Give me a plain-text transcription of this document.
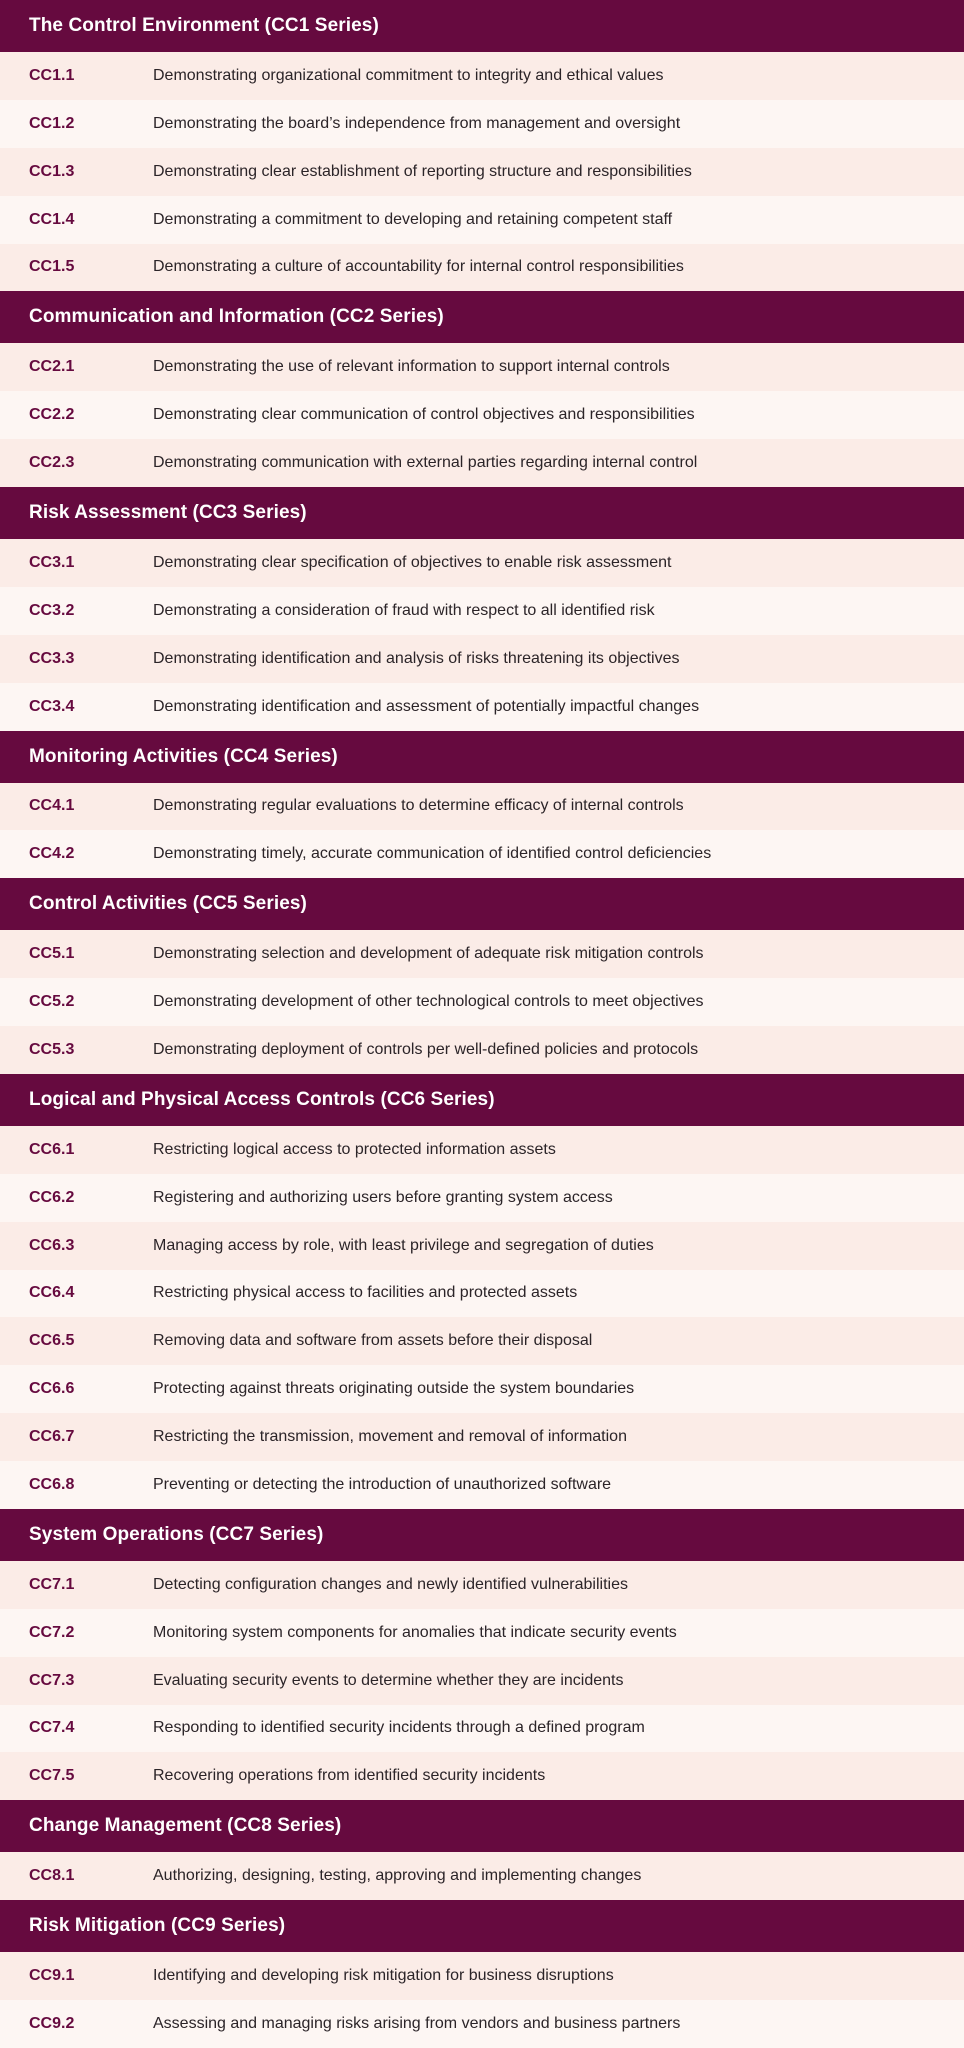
The Control Environment (CC1 Series)
CC1.1	Demonstrating organizational commitment to integrity and ethical values
CC1.2	Demonstrating the board’s independence from management and oversight
CC1.3	Demonstrating clear establishment of reporting structure and responsibilities
CC1.4	Demonstrating a commitment to developing and retaining competent staff
CC1.5	Demonstrating a culture of accountability for internal control responsibilities
Communication and Information (CC2 Series)
CC2.1	Demonstrating the use of relevant information to support internal controls
CC2.2	Demonstrating clear communication of control objectives and responsibilities
CC2.3	Demonstrating communication with external parties regarding internal control
Risk Assessment (CC3 Series)
CC3.1	Demonstrating clear specification of objectives to enable risk assessment
CC3.2	Demonstrating a consideration of fraud with respect to all identified risk
CC3.3	Demonstrating identification and analysis of risks threatening its objectives
CC3.4	Demonstrating identification and assessment of potentially impactful changes
Monitoring Activities (CC4 Series)
CC4.1	Demonstrating regular evaluations to determine efficacy of internal controls
CC4.2	Demonstrating timely, accurate communication of identified control deficiencies
Control Activities (CC5 Series)
CC5.1	Demonstrating selection and development of adequate risk mitigation controls
CC5.2	Demonstrating development of other technological controls to meet objectives
CC5.3	Demonstrating deployment of controls per well-defined policies and protocols
Logical and Physical Access Controls (CC6 Series)
CC6.1	Restricting logical access to protected information assets
CC6.2	Registering and authorizing users before granting system access
CC6.3	Managing access by role, with least privilege and segregation of duties
CC6.4	Restricting physical access to facilities and protected assets
CC6.5	Removing data and software from assets before their disposal
CC6.6	Protecting against threats originating outside the system boundaries
CC6.7	Restricting the transmission, movement and removal of information
CC6.8	Preventing or detecting the introduction of unauthorized software
System Operations (CC7 Series)
CC7.1	Detecting configuration changes and newly identified vulnerabilities
CC7.2	Monitoring system components for anomalies that indicate security events
CC7.3	Evaluating security events to determine whether they are incidents
CC7.4	Responding to identified security incidents through a defined program
CC7.5	Recovering operations from identified security incidents
Change Management (CC8 Series)
CC8.1	Authorizing, designing, testing, approving and implementing changes
Risk Mitigation (CC9 Series)
CC9.1	Identifying and developing risk mitigation for business disruptions
CC9.2	Assessing and managing risks arising from vendors and business partners
